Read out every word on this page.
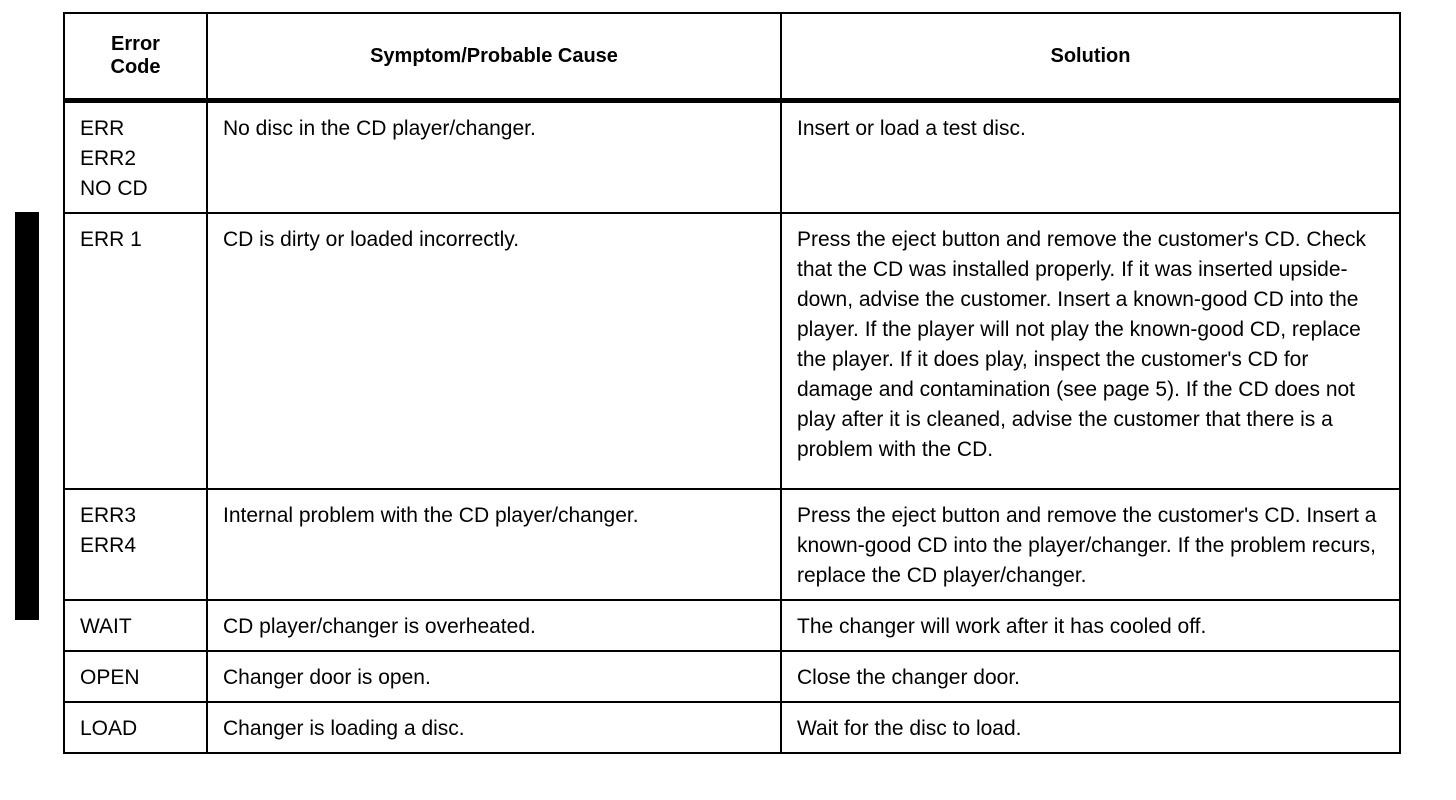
Error
Code	Symptom/Probable Cause	Solution

ERR
ERR2
NO CD	No disc in the CD player/changer.	Insert or load a test disc.

ERR 1	CD is dirty or loaded incorrectly.	Press the eject button and remove the customer's CD. Check that the CD was installed properly. If it was inserted upside-down, advise the customer. Insert a known-good CD into the player. If the player will not play the known-good CD, replace the player. If it does play, inspect the customer's CD for damage and contamination (see page 5). If the CD does not play after it is cleaned, advise the customer that there is a problem with the CD.

ERR3
ERR4	Internal problem with the CD player/changer.	Press the eject button and remove the customer's CD. Insert a known-good CD into the player/changer. If the problem recurs, replace the CD player/changer.

WAIT	CD player/changer is overheated.	The changer will work after it has cooled off.

OPEN	Changer door is open.	Close the changer door.

LOAD	Changer is loading a disc.	Wait for the disc to load.
